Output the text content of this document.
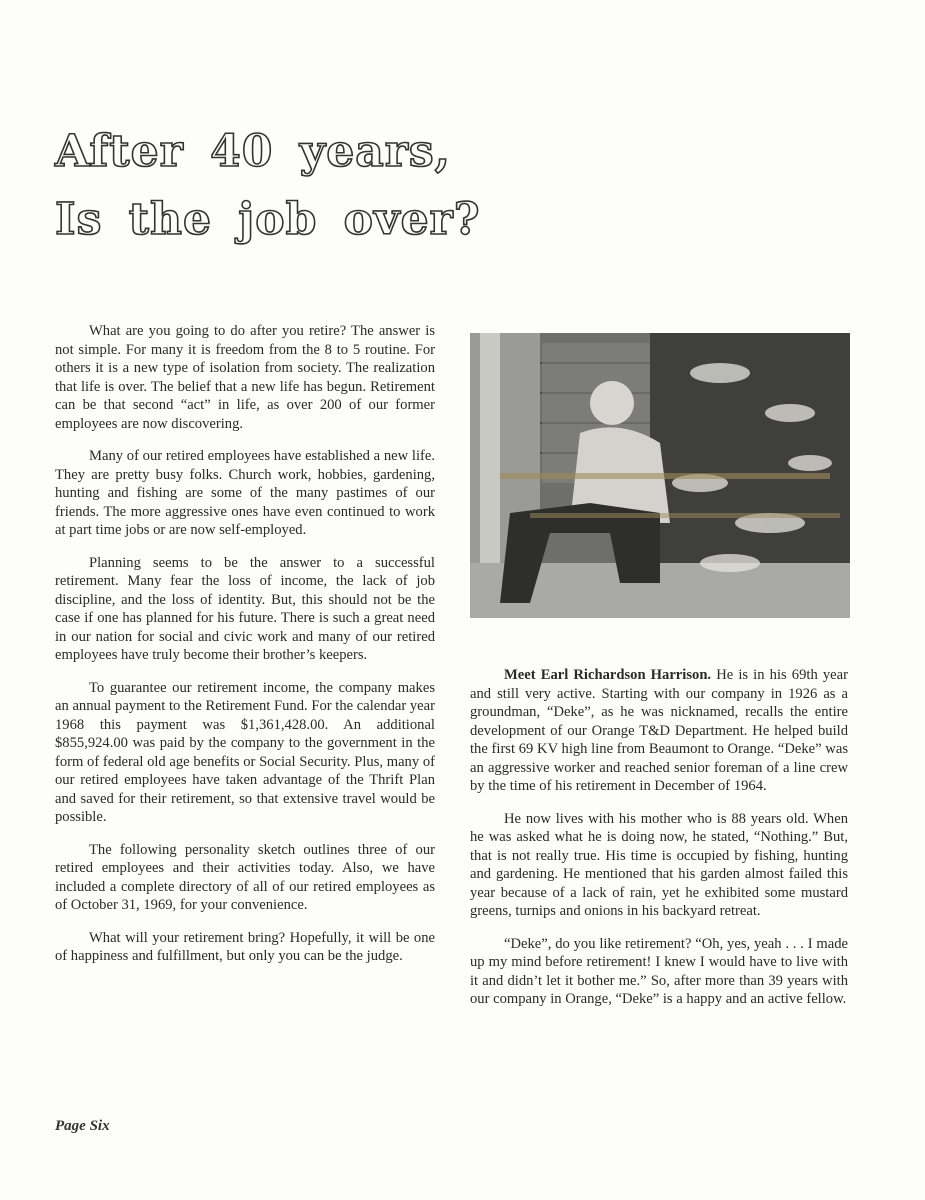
After 40 years,
Is the job over?

What are you going to do after you retire? The answer is not simple. For many it is freedom from the 8 to 5 routine. For others it is a new type of isolation from society. The realization that life is over. The belief that a new life has begun. Retirement can be that second “act” in life, as over 200 of our former employees are now discovering.

Many of our retired employees have established a new life. They are pretty busy folks. Church work, hobbies, gardening, hunting and fishing are some of the many pastimes of our friends. The more aggressive ones have even continued to work at part time jobs or are now self-employed.

Planning seems to be the answer to a successful retirement. Many fear the loss of income, the lack of job discipline, and the loss of identity. But, this should not be the case if one has planned for his future. There is such a great need in our nation for social and civic work and many of our retired employees have truly become their brother’s keepers.

To guarantee our retirement income, the company makes an annual payment to the Retirement Fund. For the calendar year 1968 this payment was $1,361,428.00. An additional $855,924.00 was paid by the company to the government in the form of federal old age benefits or Social Security. Plus, many of our retired employees have taken advantage of the Thrift Plan and saved for their retirement, so that extensive travel would be possible.

The following personality sketch outlines three of our retired employees and their activities today. Also, we have included a complete directory of all of our retired employees as of October 31, 1969, for your convenience.

What will your retirement bring? Hopefully, it will be one of happiness and fulfillment, but only you can be the judge.

Meet Earl Richardson Harrison. He is in his 69th year and still very active. Starting with our company in 1926 as a groundman, “Deke”, as he was nicknamed, recalls the entire development of our Orange T&D Department. He helped build the first 69 KV high line from Beaumont to Orange. “Deke” was an aggressive worker and reached senior foreman of a line crew by the time of his retirement in December of 1964.

He now lives with his mother who is 88 years old. When he was asked what he is doing now, he stated, “Nothing.” But, that is not really true. His time is occupied by fishing, hunting and gardening. He mentioned that his garden almost failed this year because of a lack of rain, yet he exhibited some mustard greens, turnips and onions in his backyard retreat.

“Deke”, do you like retirement? “Oh, yes, yeah . . . I made up my mind before retirement! I knew I would have to live with it and didn’t let it bother me.” So, after more than 39 years with our company in Orange, “Deke” is a happy and an active fellow.

Page Six
